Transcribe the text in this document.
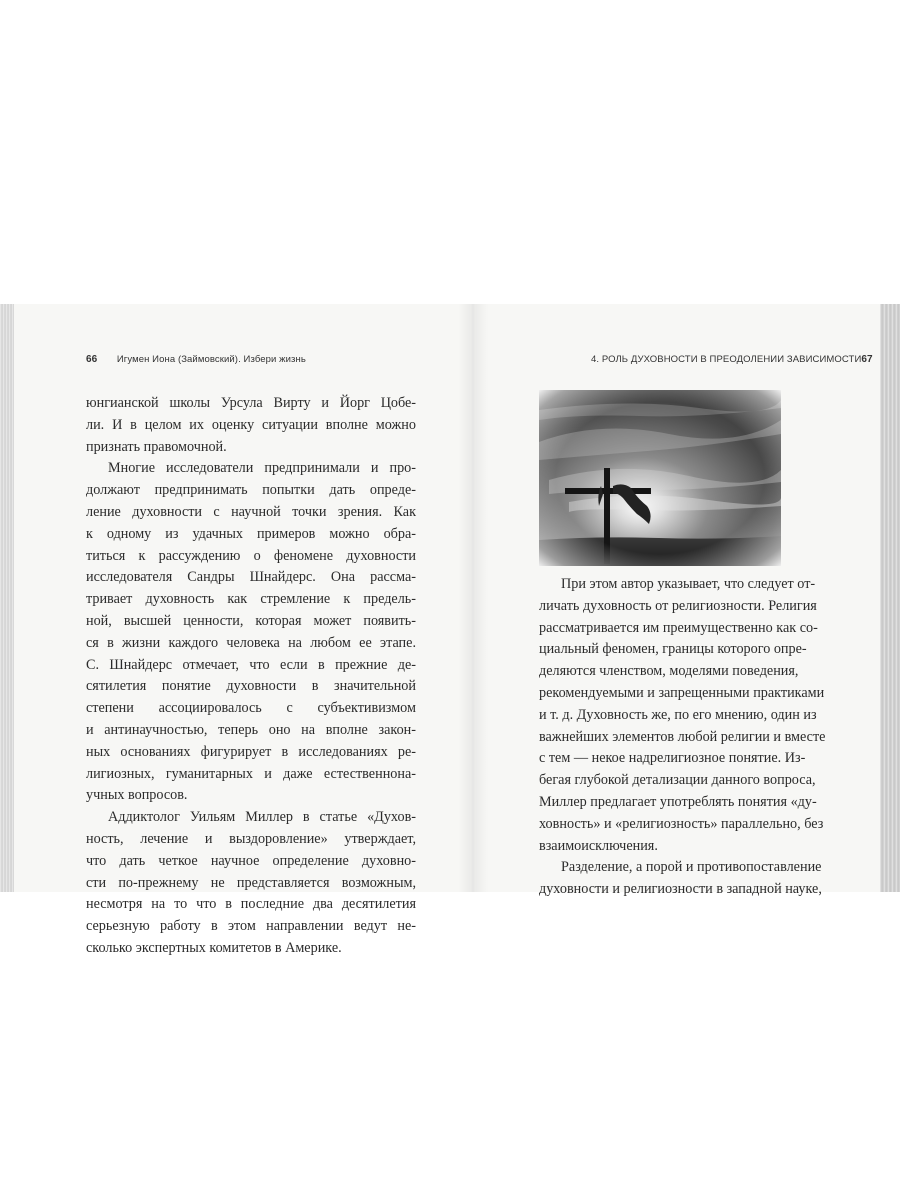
66 Игумен Иона (Займовский). Избери жизнь	4. РОЛЬ ДУХОВНОСТИ В ПРЕОДОЛЕНИИ ЗАВИСИМОСТИ 67
юнгианской школы Урсула Вирту и Йорг Цобе-
ли. И в целом их оценку ситуации вполне можно
признать правомочной.
Многие исследователи предпринимали и про-
должают предпринимать попытки дать опреде-
ление духовности с научной точки зрения. Как
к одному из удачных примеров можно обра-
титься к рассуждению о феномене духовности
исследователя Сандры Шнайдерс. Она рассма-
тривает духовность как стремление к предель-
ной, высшей ценности, которая может появить-
ся в жизни каждого человека на любом ее этапе.
С. Шнайдерс отмечает, что если в прежние де-
сятилетия понятие духовности в значительной
степени ассоциировалось с субъективизмом
и антинаучностью, теперь оно на вполне закон-
ных основаниях фигурирует в исследованиях ре-
лигиозных, гуманитарных и даже естественнона-
учных вопросов.
Аддиктолог Уильям Миллер в статье «Духов-
ность, лечение и выздоровление» утверждает,
что дать четкое научное определение духовно-
сти по-прежнему не представляется возможным,
несмотря на то что в последние два десятилетия
серьезную работу в этом направлении ведут не-
сколько экспертных комитетов в Америке.
При этом автор указывает, что следует от-
личать духовность от религиозности. Религия
рассматривается им преимущественно как со-
циальный феномен, границы которого опре-
деляются членством, моделями поведения,
рекомендуемыми и запрещенными практиками
и т. д. Духовность же, по его мнению, один из
важнейших элементов любой религии и вместе
с тем — некое надрелигиозное понятие. Из-
бегая глубокой детализации данного вопроса,
Миллер предлагает употреблять понятия «ду-
ховность» и «религиозность» параллельно, без
взаимоисключения.
Разделение, а порой и противопоставление
духовности и религиозности в западной науке,
